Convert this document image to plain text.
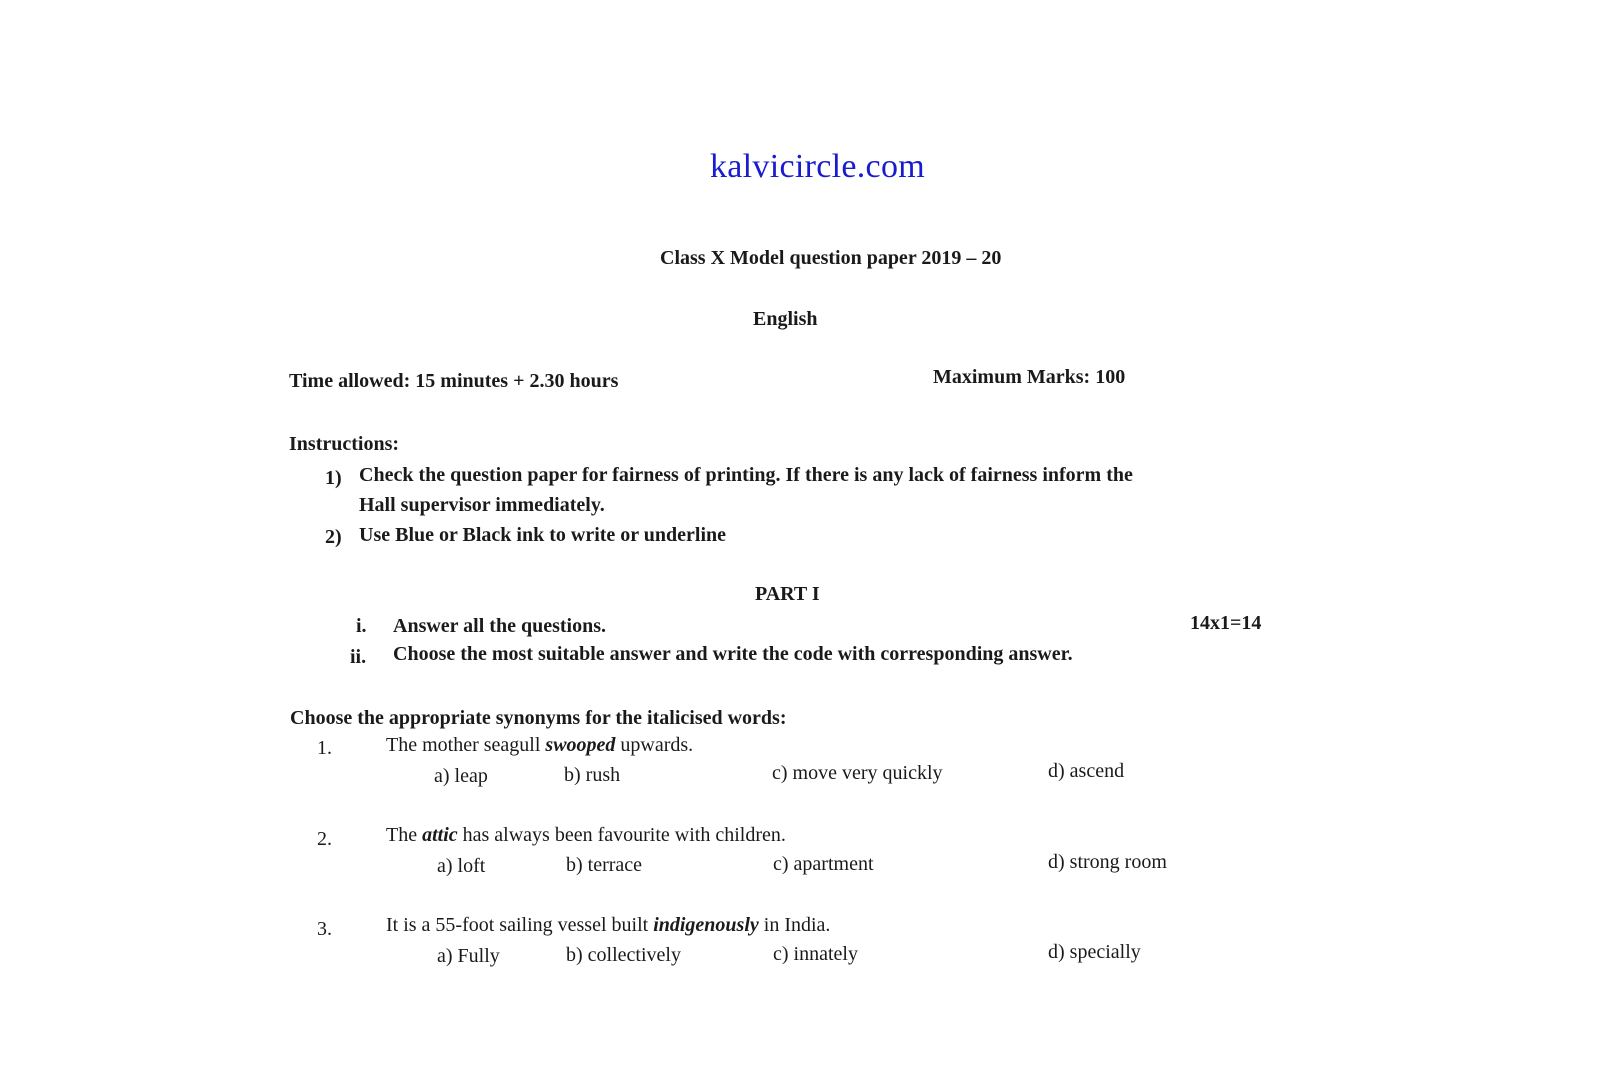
kalvicircle.com
Class X Model question paper 2019 – 20
English
Time allowed: 15 minutes + 2.30 hours	Maximum Marks: 100
Instructions:
1) Check the question paper for fairness of printing. If there is any lack of fairness inform the
Hall supervisor immediately.
2) Use Blue or Black ink to write or underline
PART I
i. Answer all the questions.	14x1=14
ii. Choose the most suitable answer and write the code with corresponding answer.
Choose the appropriate synonyms for the italicised words:
1.	The mother seagull swooped upwards.
a) leap	b) rush	c) move very quickly	d) ascend
2.	The attic has always been favourite with children.
a) loft	b) terrace	c) apartment	d) strong room
3.	It is a 55-foot sailing vessel built indigenously in India.
a) Fully	b) collectively	c) innately	d) specially
